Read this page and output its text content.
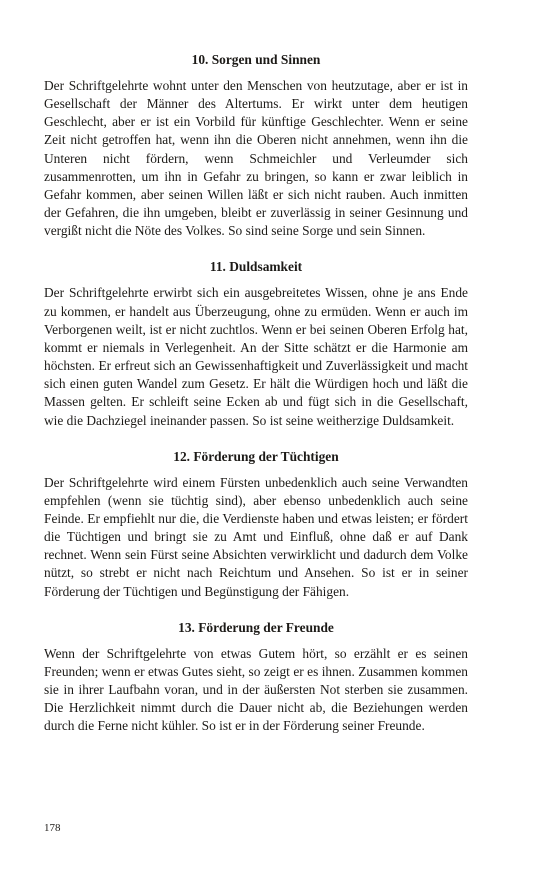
10. Sorgen und Sinnen

Der Schriftgelehrte wohnt unter den Menschen von heutzutage, aber er ist in Gesellschaft der Männer des Altertums. Er wirkt unter dem heutigen Geschlecht, aber er ist ein Vorbild für künftige Geschlechter. Wenn er seine Zeit nicht getroffen hat, wenn ihn die Oberen nicht annehmen, wenn ihn die Unteren nicht fördern, wenn Schmeichler und Verleumder sich zusammenrotten, um ihn in Gefahr zu bringen, so kann er zwar leiblich in Gefahr kommen, aber seinen Willen läßt er sich nicht rauben. Auch inmitten der Gefahren, die ihn umgeben, bleibt er zuverlässig in seiner Gesinnung und vergißt nicht die Nöte des Volkes. So sind seine Sorge und sein Sinnen.

11. Duldsamkeit

Der Schriftgelehrte erwirbt sich ein ausgebreitetes Wissen, ohne je ans Ende zu kommen, er handelt aus Überzeugung, ohne zu ermüden. Wenn er auch im Verborgenen weilt, ist er nicht zuchtlos. Wenn er bei seinen Oberen Erfolg hat, kommt er niemals in Verlegenheit. An der Sitte schätzt er die Harmonie am höchsten. Er erfreut sich an Gewissenhaftigkeit und Zuverlässigkeit und macht sich einen guten Wandel zum Gesetz. Er hält die Würdigen hoch und läßt die Massen gelten. Er schleift seine Ecken ab und fügt sich in die Gesellschaft, wie die Dachziegel ineinander passen. So ist seine weitherzige Duldsamkeit.

12. Förderung der Tüchtigen

Der Schriftgelehrte wird einem Fürsten unbedenklich auch seine Verwandten empfehlen (wenn sie tüchtig sind), aber ebenso unbedenklich auch seine Feinde. Er empfiehlt nur die, die Verdienste haben und etwas leisten; er fördert die Tüchtigen und bringt sie zu Amt und Einfluß, ohne daß er auf Dank rechnet. Wenn sein Fürst seine Absichten verwirklicht und dadurch dem Volke nützt, so strebt er nicht nach Reichtum und Ansehen. So ist er in seiner Förderung der Tüchtigen und Begünstigung der Fähigen.

13. Förderung der Freunde

Wenn der Schriftgelehrte von etwas Gutem hört, so erzählt er es seinen Freunden; wenn er etwas Gutes sieht, so zeigt er es ihnen. Zusammen kommen sie in ihrer Laufbahn voran, und in der äußersten Not sterben sie zusammen. Die Herzlichkeit nimmt durch die Dauer nicht ab, die Beziehungen werden durch die Ferne nicht kühler. So ist er in der Förderung seiner Freunde.

178
